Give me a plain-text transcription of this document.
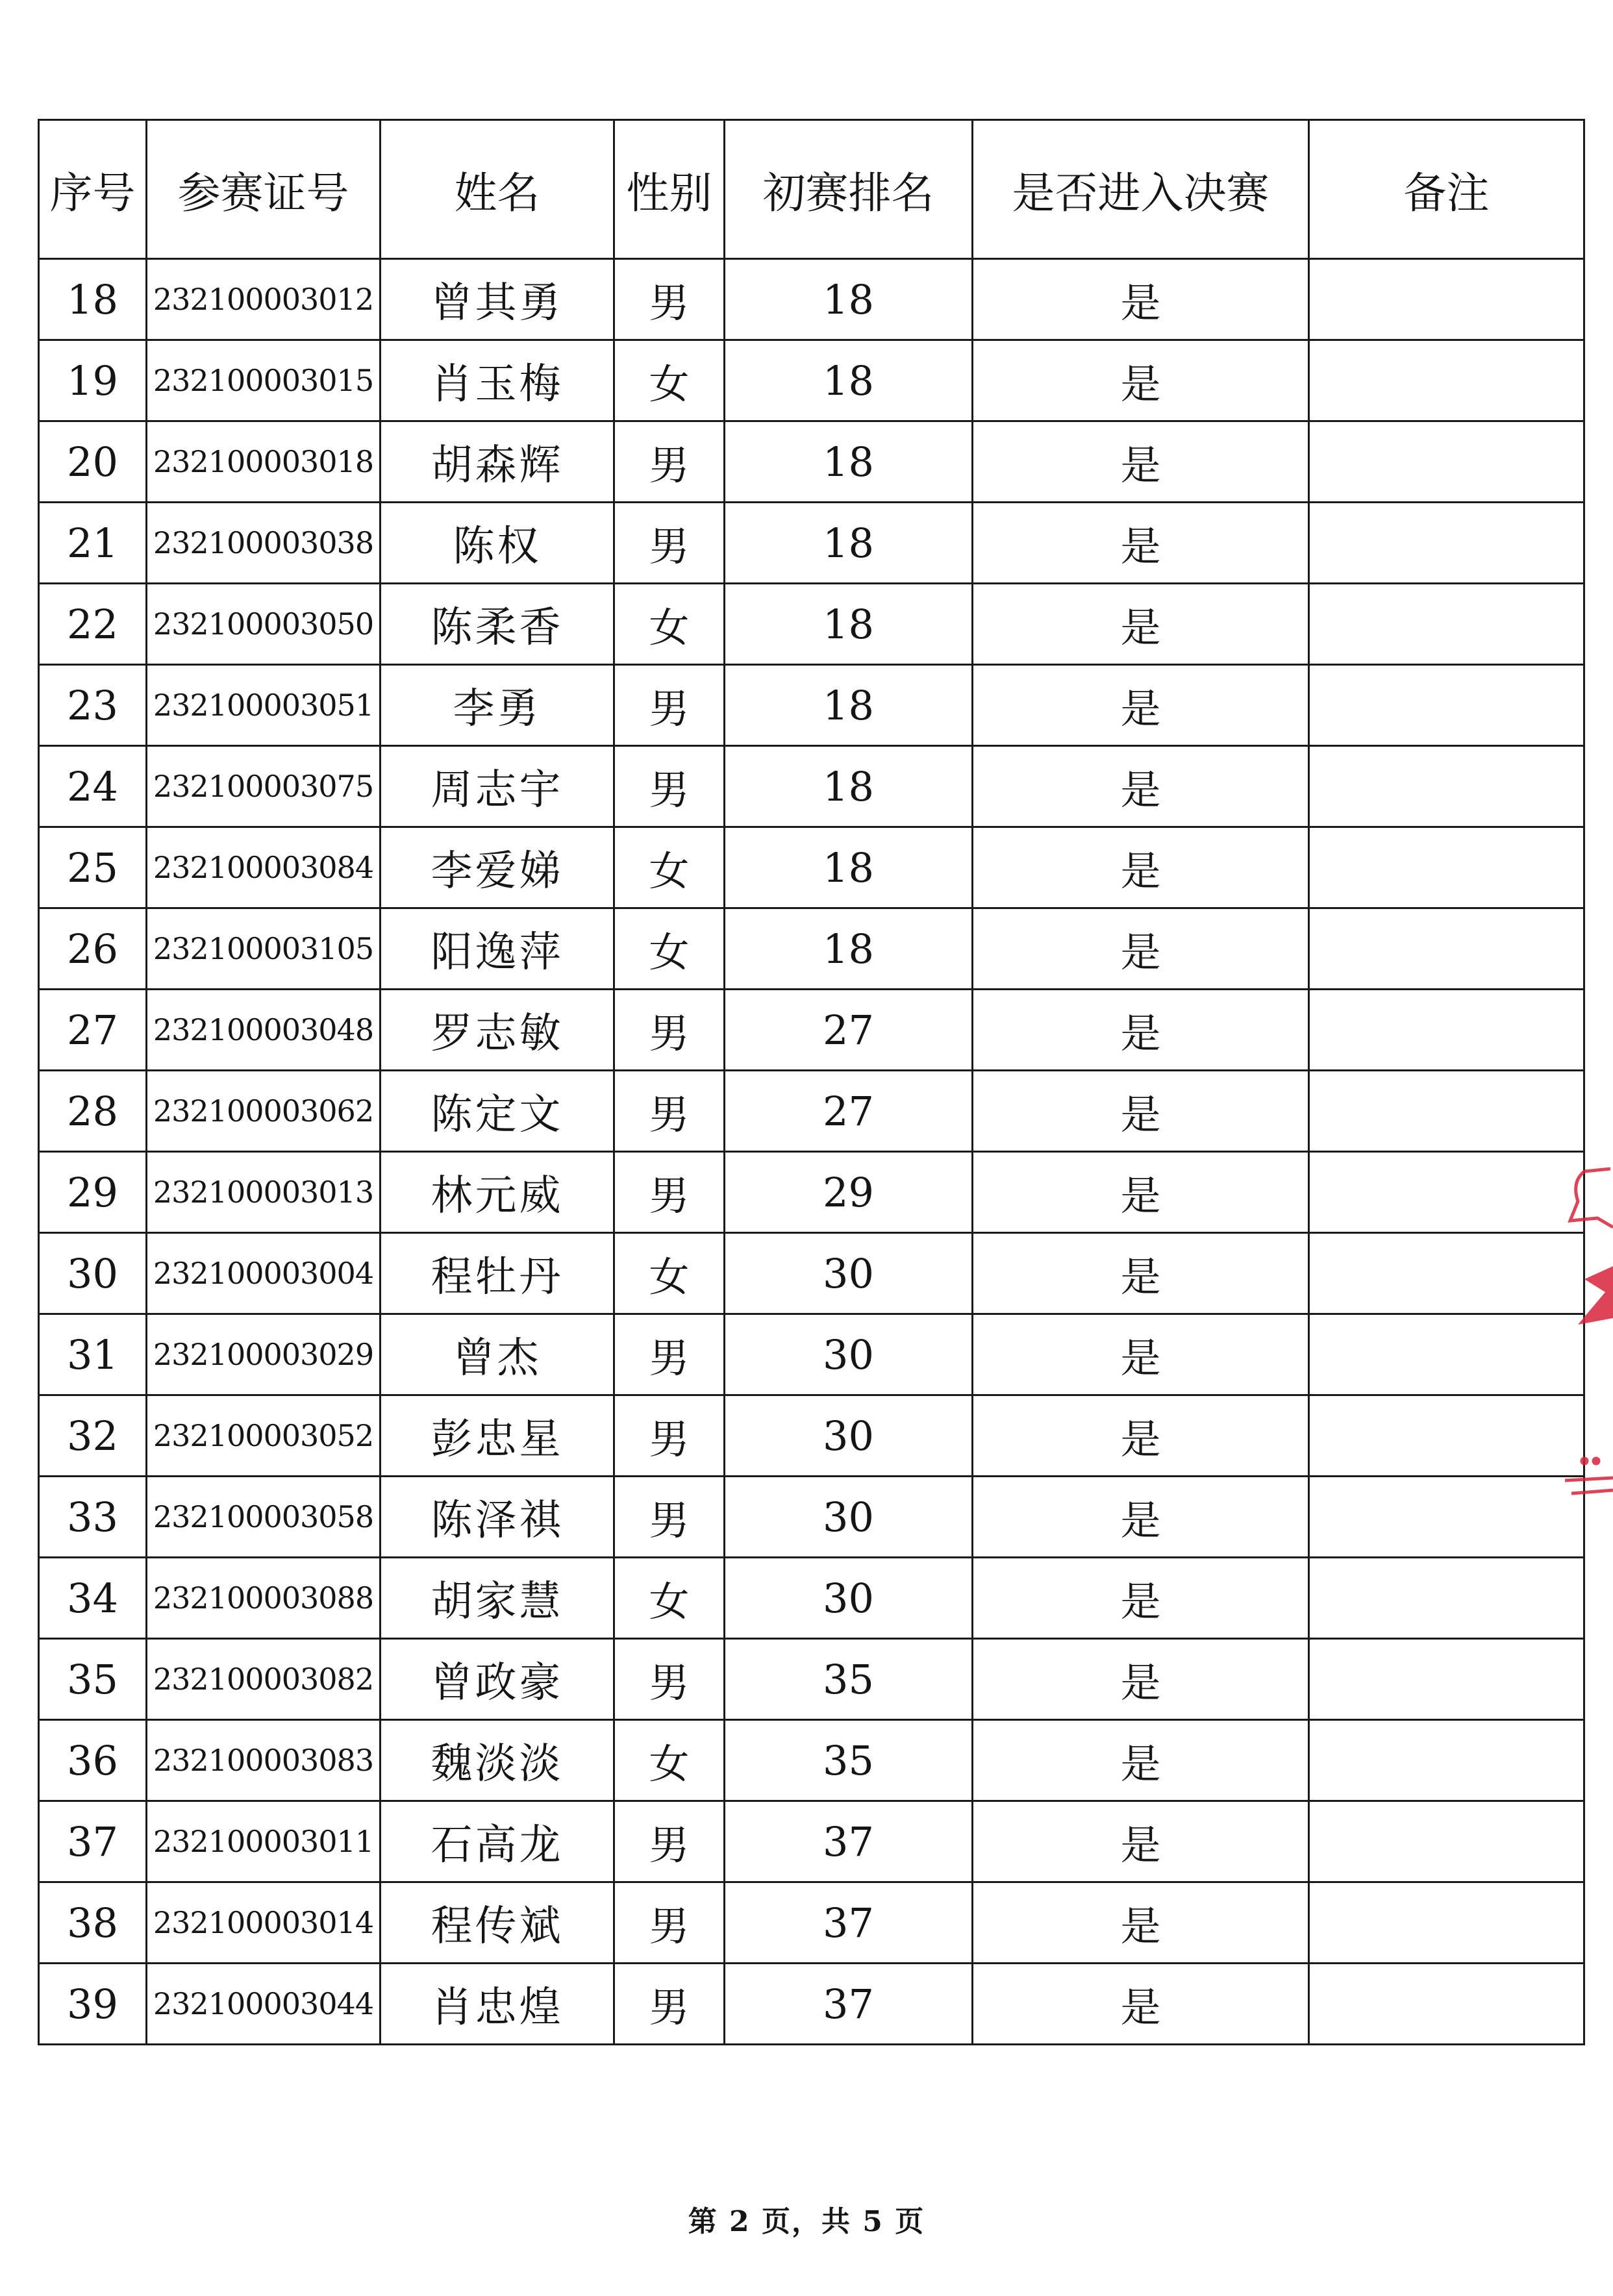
序号	参赛证号	姓名	性别	初赛排名	是否进入决赛	备注
18	232100003012	曾其勇	男	18	是	
19	232100003015	肖玉梅	女	18	是	
20	232100003018	胡森辉	男	18	是	
21	232100003038	陈权	男	18	是	
22	232100003050	陈柔香	女	18	是	
23	232100003051	李勇	男	18	是	
24	232100003075	周志宇	男	18	是	
25	232100003084	李爱娣	女	18	是	
26	232100003105	阳逸萍	女	18	是	
27	232100003048	罗志敏	男	27	是	
28	232100003062	陈定文	男	27	是	
29	232100003013	林元威	男	29	是	
30	232100003004	程牡丹	女	30	是	
31	232100003029	曾杰	男	30	是	
32	232100003052	彭忠星	男	30	是	
33	232100003058	陈泽祺	男	30	是	
34	232100003088	胡家慧	女	30	是	
35	232100003082	曾政豪	男	35	是	
36	232100003083	魏淡淡	女	35	是	
37	232100003011	石高龙	男	37	是	
38	232100003014	程传斌	男	37	是	
39	232100003044	肖忠煌	男	37	是	
第 2 页，共 5 页
